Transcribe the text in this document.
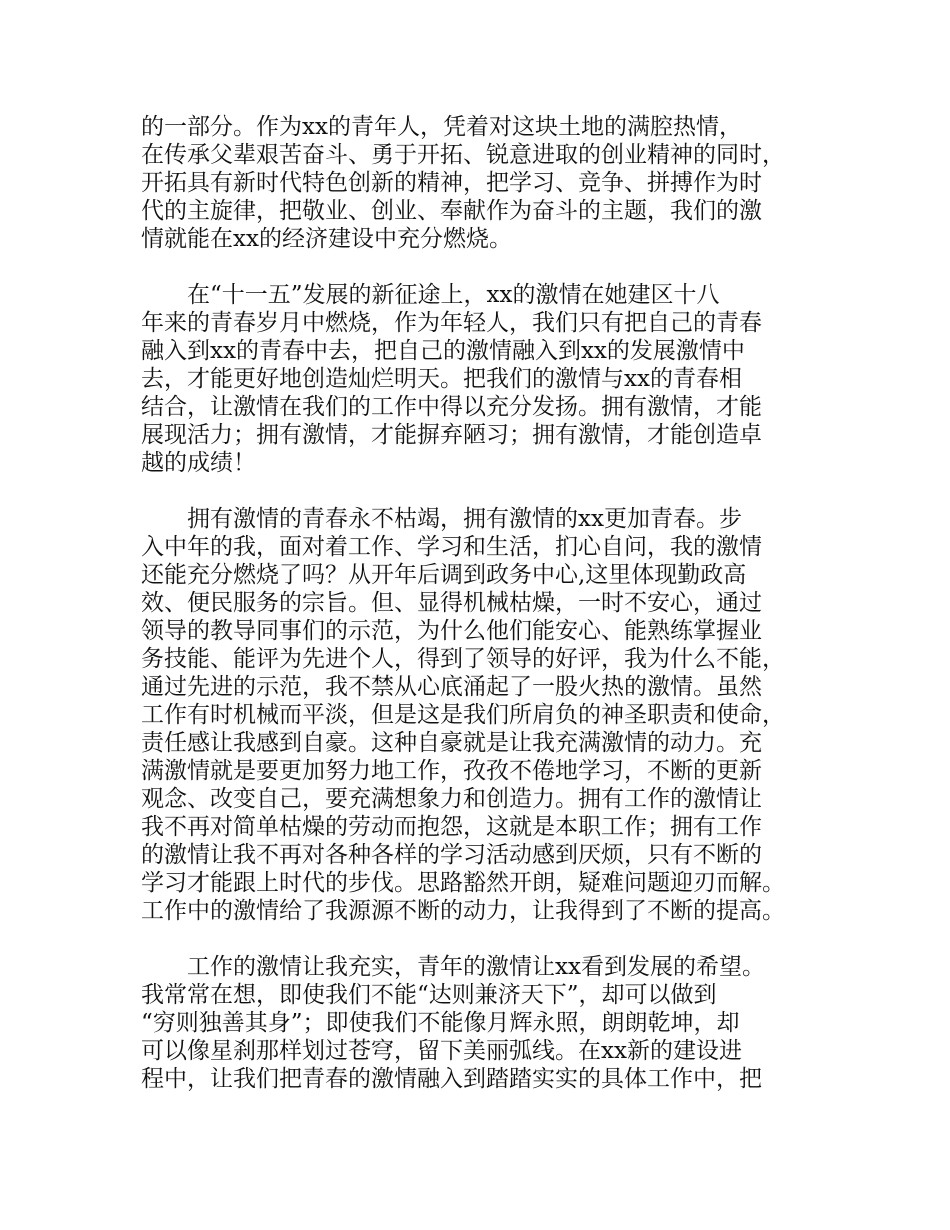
的一部分。作为xx的青年人，凭着对这块土地的满腔热情，
在传承父辈艰苦奋斗、勇于开拓、锐意进取的创业精神的同时，
开拓具有新时代特色创新的精神，把学习、竞争、拼搏作为时
代的主旋律，把敬业、创业、奉献作为奋斗的主题，我们的激
情就能在xx的经济建设中充分燃烧。
　　在“十一五”发展的新征途上，xx的激情在她建区十八
年来的青春岁月中燃烧，作为年轻人，我们只有把自己的青春
融入到xx的青春中去，把自己的激情融入到xx的发展激情中
去，才能更好地创造灿烂明天。把我们的激情与xx的青春相
结合，让激情在我们的工作中得以充分发扬。拥有激情，才能
展现活力；拥有激情，才能摒弃陋习；拥有激情，才能创造卓
越的成绩！
　　拥有激情的青春永不枯竭，拥有激情的xx更加青春。步
入中年的我，面对着工作、学习和生活，扪心自问，我的激情
还能充分燃烧了吗？从开年后调到政务中心,这里体现勤政高
效、便民服务的宗旨。但、显得机械枯燥，一时不安心，通过
领导的教导同事们的示范，为什么他们能安心、能熟练掌握业
务技能、能评为先进个人，得到了领导的好评，我为什么不能，
通过先进的示范，我不禁从心底涌起了一股火热的激情。虽然
工作有时机械而平淡，但是这是我们所肩负的神圣职责和使命，
责任感让我感到自豪。这种自豪就是让我充满激情的动力。充
满激情就是要更加努力地工作，孜孜不倦地学习，不断的更新
观念、改变自己，要充满想象力和创造力。拥有工作的激情让
我不再对简单枯燥的劳动而抱怨，这就是本职工作；拥有工作
的激情让我不再对各种各样的学习活动感到厌烦，只有不断的
学习才能跟上时代的步伐。思路豁然开朗，疑难问题迎刃而解。
工作中的激情给了我源源不断的动力，让我得到了不断的提高。
　　工作的激情让我充实，青年的激情让xx看到发展的希望。
我常常在想，即使我们不能“达则兼济天下”，却可以做到
“穷则独善其身”；即使我们不能像月辉永照，朗朗乾坤，却
可以像星刹那样划过苍穹，留下美丽弧线。在xx新的建设进
程中，让我们把青春的激情融入到踏踏实实的具体工作中，把
